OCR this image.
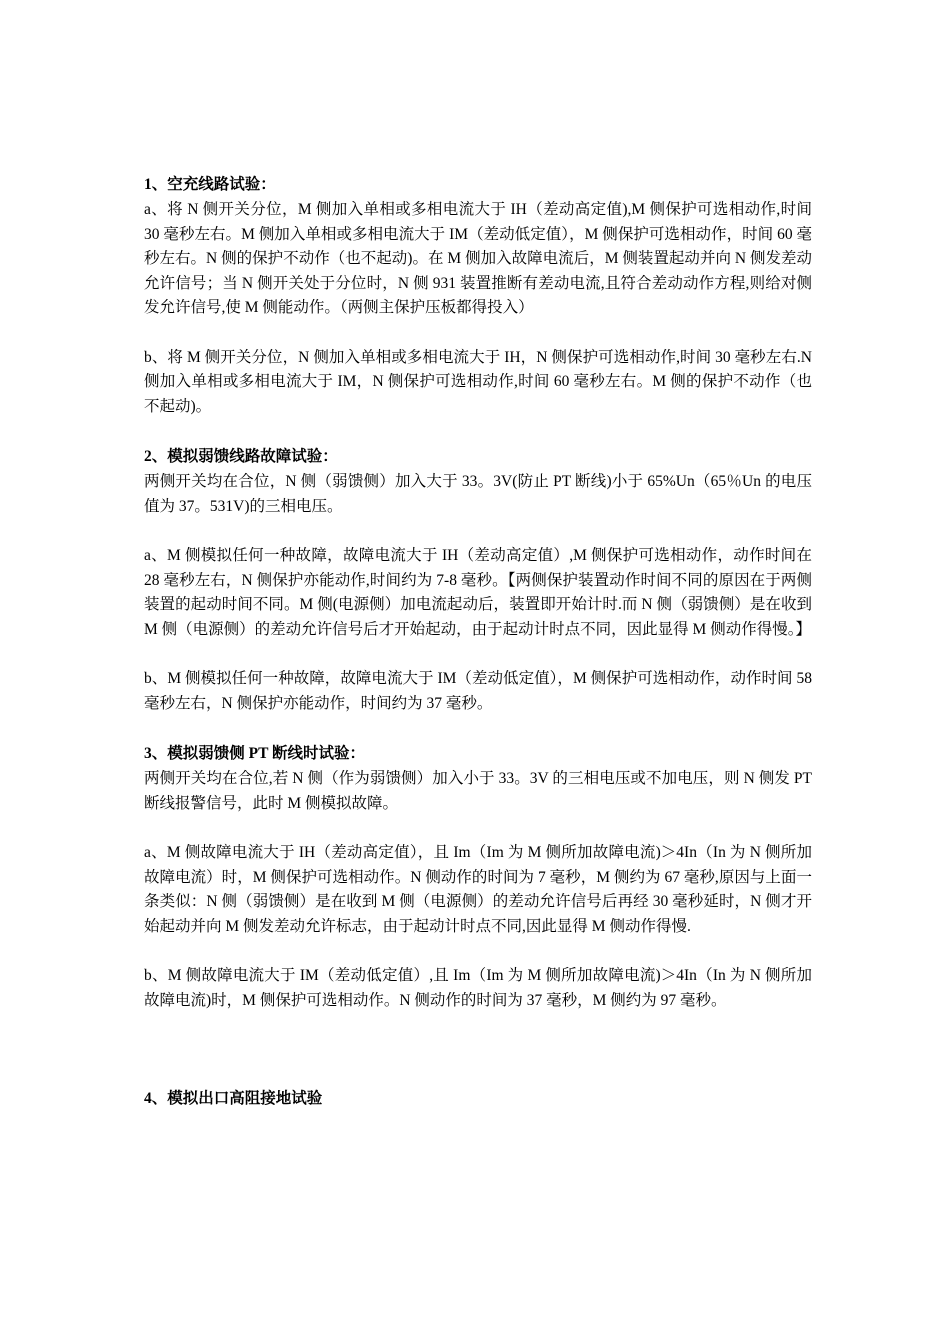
1、空充线路试验：

a、将 N 侧开关分位，M 侧加入单相或多相电流大于 IH（差动高定值),M 侧保护可选相动作,时间 30 毫秒左右。M 侧加入单相或多相电流大于 IM（差动低定值），M 侧保护可选相动作，时间 60 毫秒左右。N 侧的保护不动作（也不起动)。在 M 侧加入故障电流后，M 侧装置起动并向 N 侧发差动允许信号；当 N 侧开关处于分位时，N 侧 931 装置推断有差动电流,且符合差动动作方程,则给对侧发允许信号,使 M 侧能动作。（两侧主保护压板都得投入）

b、将 M 侧开关分位，N 侧加入单相或多相电流大于 IH，N 侧保护可选相动作,时间 30 毫秒左右.N 侧加入单相或多相电流大于 IM，N 侧保护可选相动作,时间 60 毫秒左右。M 侧的保护不动作（也不起动)。

2、模拟弱馈线路故障试验：

两侧开关均在合位，N 侧（弱馈侧）加入大于 33。3V(防止 PT 断线)小于 65%Un（65％Un 的电压值为 37。531V)的三相电压。

a、M 侧模拟任何一种故障，故障电流大于 IH（差动高定值）,M 侧保护可选相动作，动作时间在 28 毫秒左右，N 侧保护亦能动作,时间约为 7-8 毫秒。【两侧保护装置动作时间不同的原因在于两侧装置的起动时间不同。M 侧(电源侧）加电流起动后，装置即开始计时.而 N 侧（弱馈侧）是在收到 M 侧（电源侧）的差动允许信号后才开始起动，由于起动计时点不同，因此显得 M 侧动作得慢。】

b、M 侧模拟任何一种故障，故障电流大于 IM（差动低定值），M 侧保护可选相动作，动作时间 58 毫秒左右，N 侧保护亦能动作，时间约为 37 毫秒。

3、模拟弱馈侧 PT 断线时试验：

两侧开关均在合位,若 N 侧（作为弱馈侧）加入小于 33。3V 的三相电压或不加电压，则 N 侧发 PT 断线报警信号，此时 M 侧模拟故障。

a、M 侧故障电流大于 IH（差动高定值），且 Im（Im 为 M 侧所加故障电流)＞4In（In 为 N 侧所加故障电流）时，M 侧保护可选相动作。N 侧动作的时间为 7 毫秒，M 侧约为 67 毫秒,原因与上面一条类似：N 侧（弱馈侧）是在收到 M 侧（电源侧）的差动允许信号后再经 30 毫秒延时，N 侧才开始起动并向 M 侧发差动允许标志，由于起动计时点不同,因此显得 M 侧动作得慢.

b、M 侧故障电流大于 IM（差动低定值）,且 Im（Im 为 M 侧所加故障电流)＞4In（In 为 N 侧所加故障电流)时，M 侧保护可选相动作。N 侧动作的时间为 37 毫秒，M 侧约为 97 毫秒。

4、模拟出口高阻接地试验
